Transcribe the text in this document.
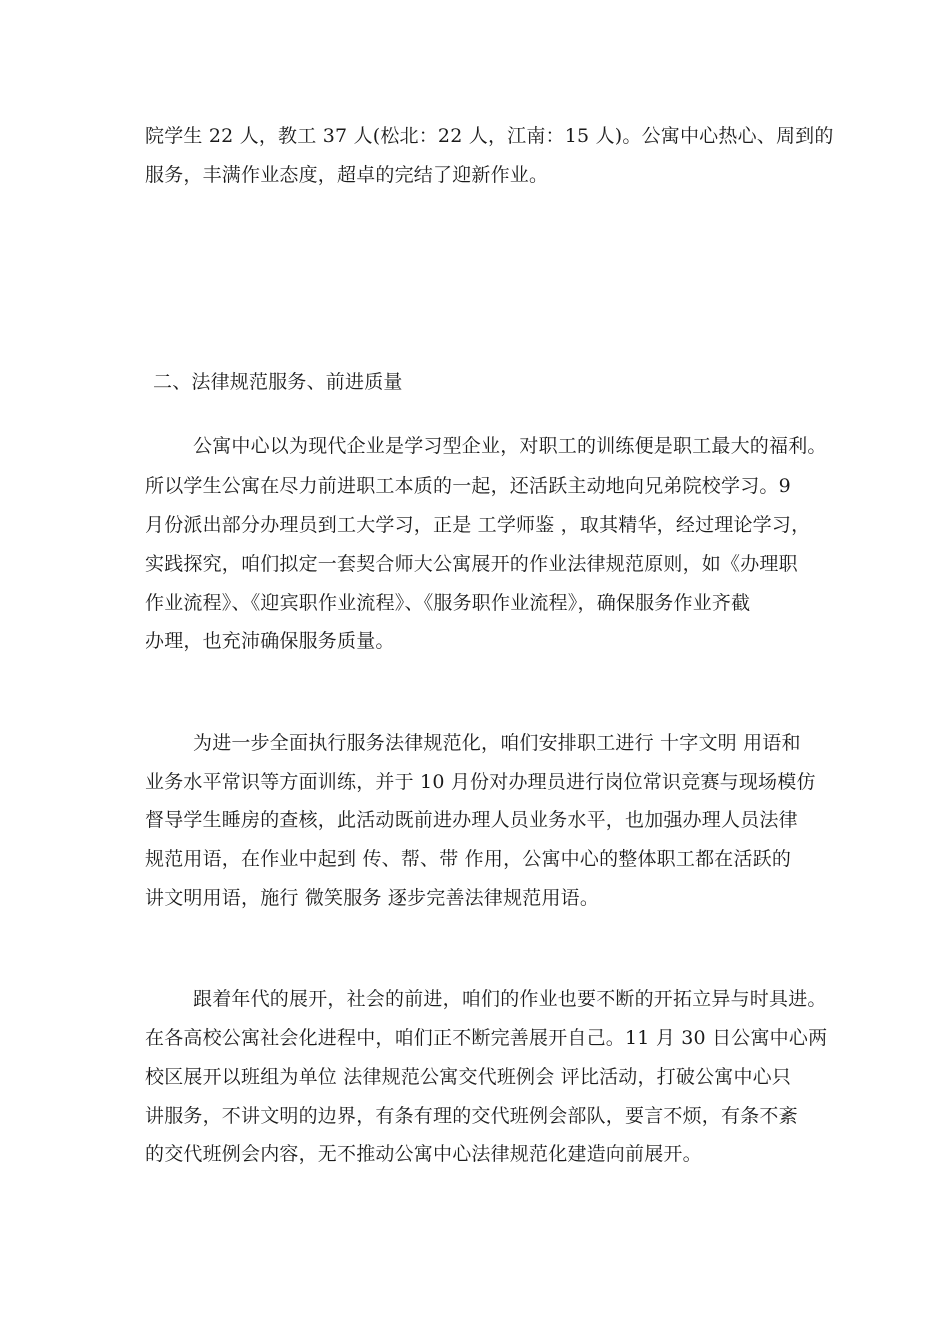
院学生 22 人，教工 37 人(松北：22 人，江南：15 人)。公寓中心热心、周到的
服务，丰满作业态度，超卓的完结了迎新作业。
二、法律规范服务、前进质量
公寓中心以为现代企业是学习型企业，对职工的训练便是职工最大的福利。
所以学生公寓在尽力前进职工本质的一起，还活跃主动地向兄弟院校学习。9
月份派出部分办理员到工大学习，正是 工学师鉴 ，取其精华，经过理论学习，
实践探究，咱们拟定一套契合师大公寓展开的作业法律规范原则，如《办理职
作业流程》、《迎宾职作业流程》、《服务职作业流程》，确保服务作业齐截
办理，也充沛确保服务质量。
为进一步全面执行服务法律规范化，咱们安排职工进行 十字文明 用语和
业务水平常识等方面训练，并于 10 月份对办理员进行岗位常识竞赛与现场模仿
督导学生睡房的查核，此活动既前进办理人员业务水平，也加强办理人员法律
规范用语，在作业中起到 传、帮、带 作用，公寓中心的整体职工都在活跃的
讲文明用语，施行 微笑服务 逐步完善法律规范用语。
跟着年代的展开，社会的前进，咱们的作业也要不断的开拓立异与时具进。
在各高校公寓社会化进程中，咱们正不断完善展开自己。11 月 30 日公寓中心两
校区展开以班组为单位 法律规范公寓交代班例会 评比活动，打破公寓中心只
讲服务，不讲文明的边界，有条有理的交代班例会部队，要言不烦，有条不紊
的交代班例会内容，无不推动公寓中心法律规范化建造向前展开。
